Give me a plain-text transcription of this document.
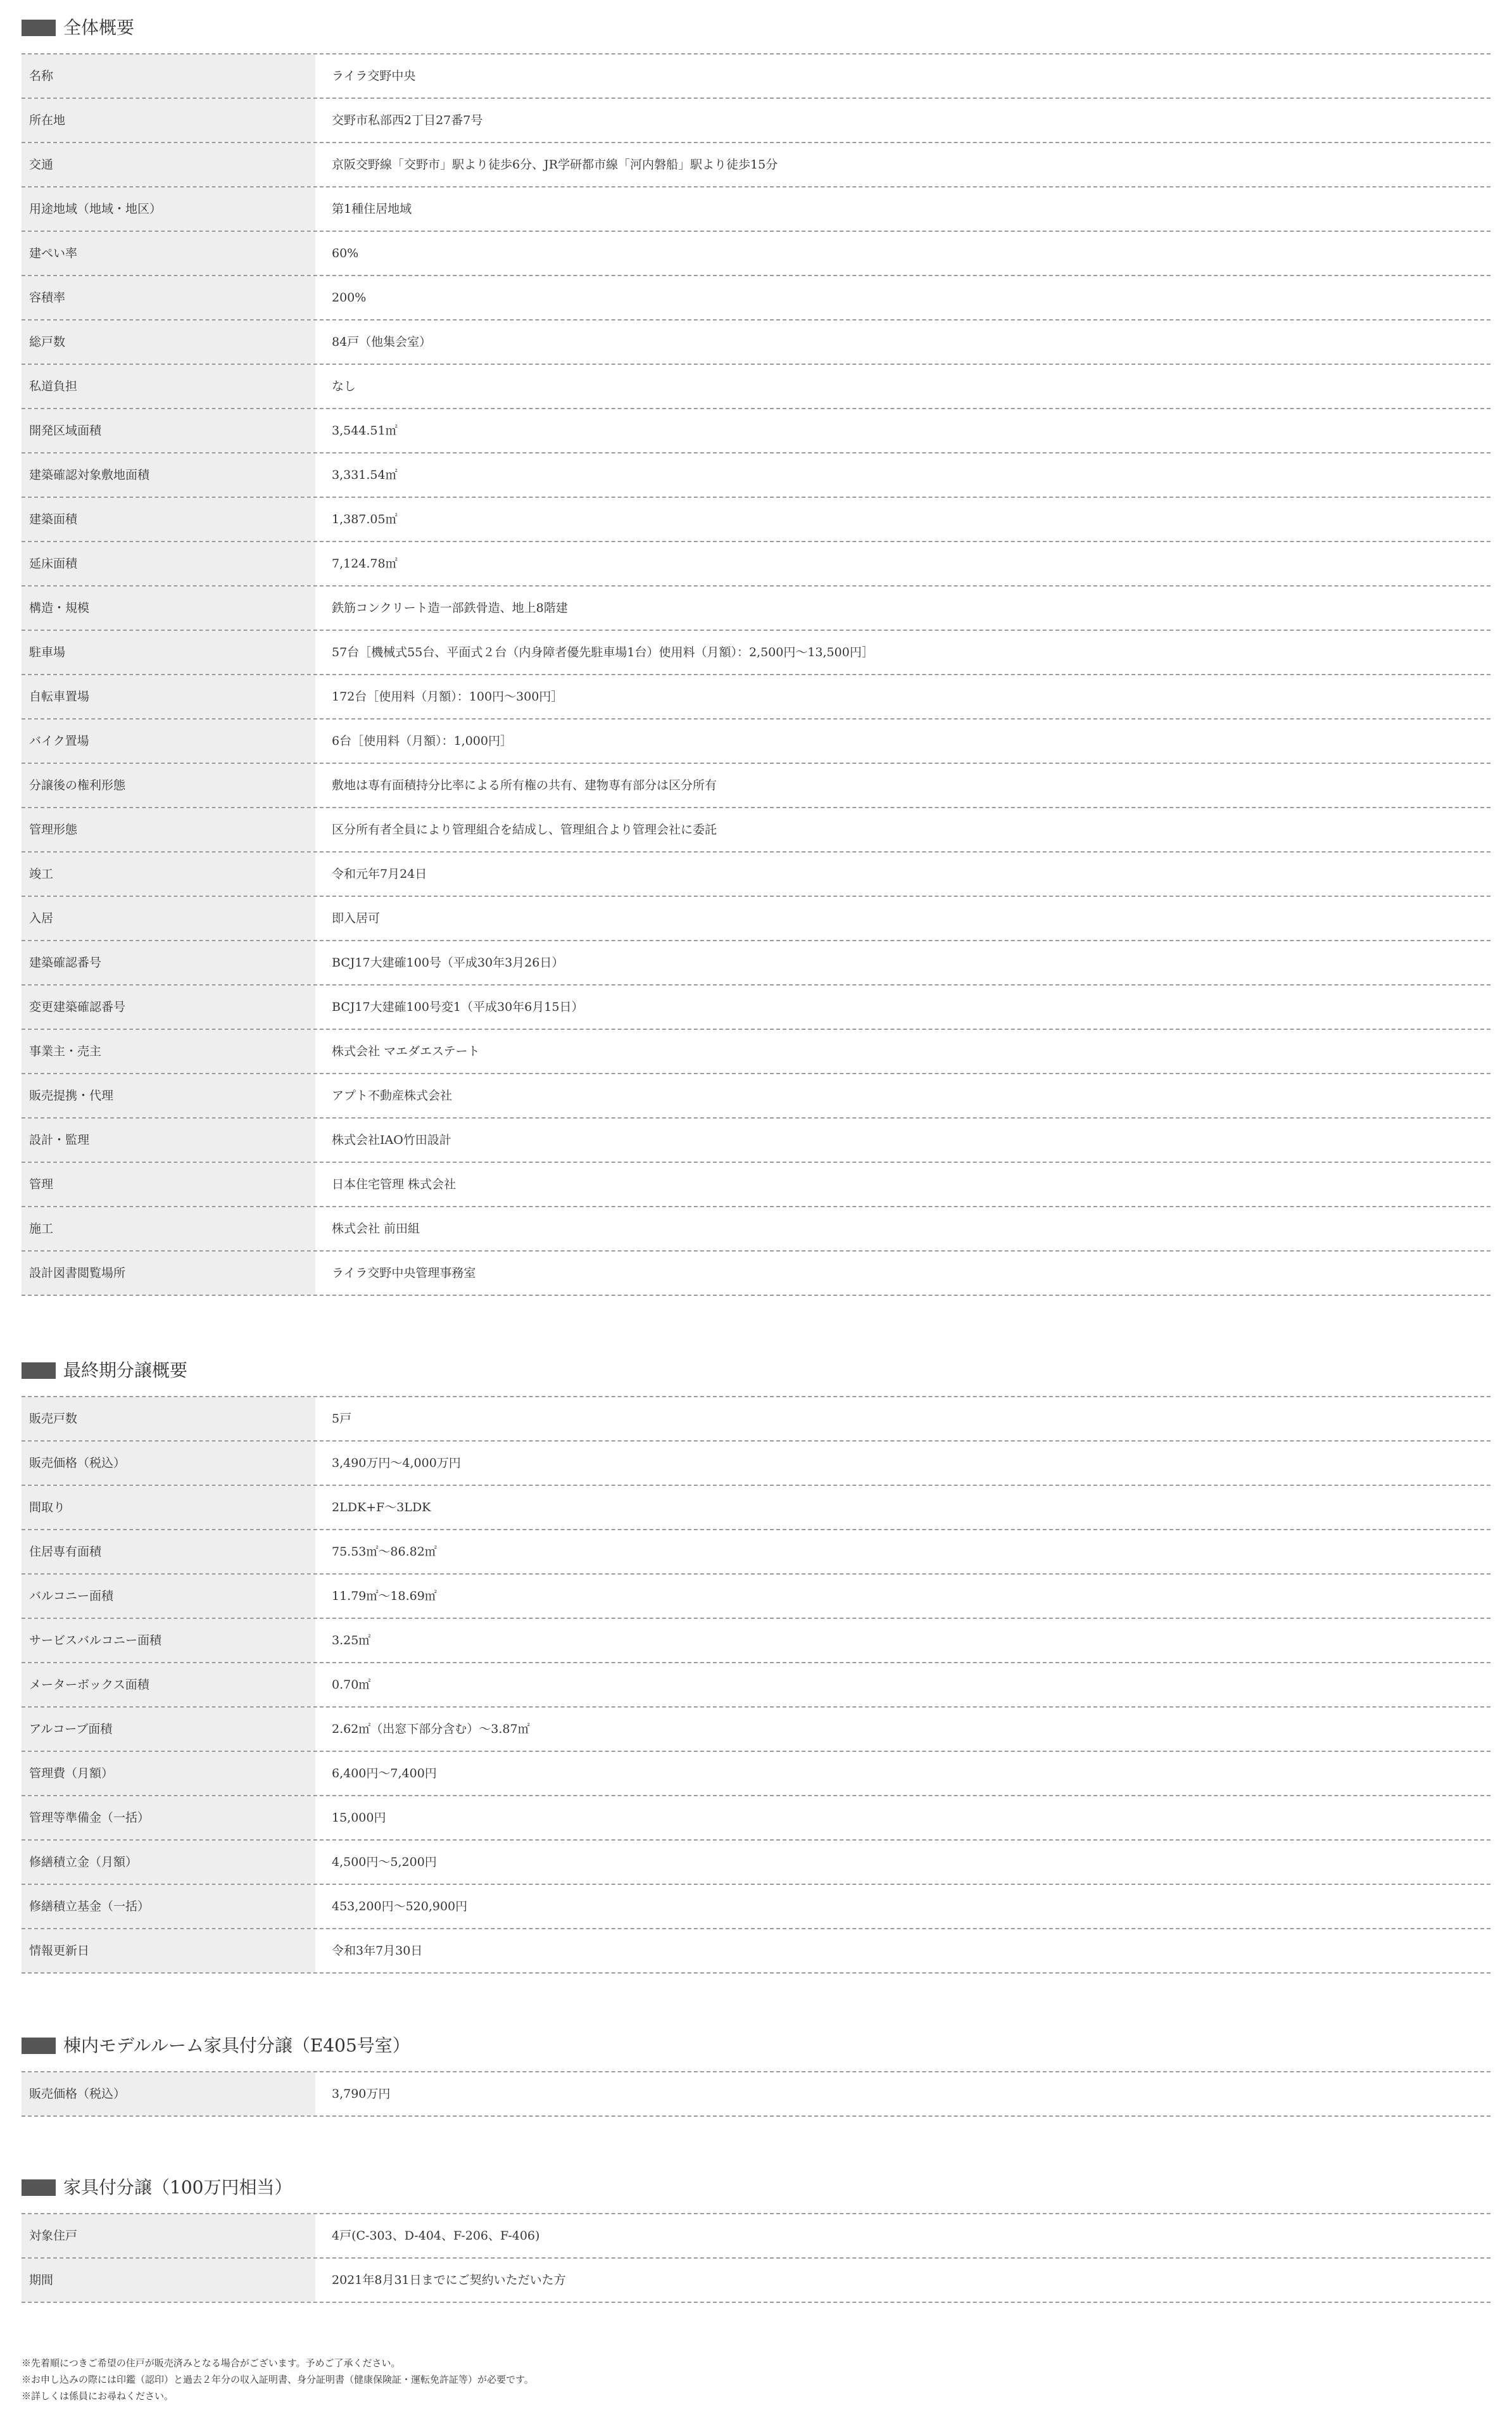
全体概要
名称	ライラ交野中央
所在地	交野市私部西2丁目27番7号
交通	京阪交野線「交野市」駅より徒歩6分、JR学研都市線「河内磐船」駅より徒歩15分
用途地域（地域・地区）	第1種住居地域
建ぺい率	60%
容積率	200%
総戸数	84戸（他集会室）
私道負担	なし
開発区域面積	3,544.51㎡
建築確認対象敷地面積	3,331.54㎡
建築面積	1,387.05㎡
延床面積	7,124.78㎡
構造・規模	鉄筋コンクリート造一部鉄骨造、地上8階建
駐車場	57台［機械式55台、平面式２台（内身障者優先駐車場1台）使用料（月額）：2,500円〜13,500円］
自転車置場	172台［使用料（月額）：100円〜300円］
バイク置場	6台［使用料（月額）：1,000円］
分譲後の権利形態	敷地は専有面積持分比率による所有権の共有、建物専有部分は区分所有
管理形態	区分所有者全員により管理組合を結成し、管理組合より管理会社に委託
竣工	令和元年7月24日
入居	即入居可
建築確認番号	BCJ17大建確100号（平成30年3月26日）
変更建築確認番号	BCJ17大建確100号変1（平成30年6月15日）
事業主・売主	株式会社 マエダエステート
販売提携・代理	アプト不動産株式会社
設計・監理	株式会社IAO竹田設計
管理	日本住宅管理 株式会社
施工	株式会社 前田組
設計図書閲覧場所	ライラ交野中央管理事務室
最終期分譲概要
販売戸数	5戸
販売価格（税込）	3,490万円〜4,000万円
間取り	2LDK+F〜3LDK
住居専有面積	75.53㎡〜86.82㎡
バルコニー面積	11.79㎡〜18.69㎡
サービスバルコニー面積	3.25㎡
メーターボックス面積	0.70㎡
アルコーブ面積	2.62㎡（出窓下部分含む）〜3.87㎡
管理費（月額）	6,400円〜7,400円
管理等準備金（一括）	15,000円
修繕積立金（月額）	4,500円〜5,200円
修繕積立基金（一括）	453,200円〜520,900円
情報更新日	令和3年7月30日
棟内モデルルーム家具付分譲（E405号室）
販売価格（税込）	3,790万円
家具付分譲（100万円相当）
対象住戸	4戸(C-303、D-404、F-206、F-406)
期間	2021年8月31日までにご契約いただいた方
※先着順につきご希望の住戸が販売済みとなる場合がございます。予めご了承ください。
※お申し込みの際には印鑑（認印）と過去２年分の収入証明書、身分証明書（健康保険証・運転免許証等）が必要です。
※詳しくは係員にお尋ねください。
